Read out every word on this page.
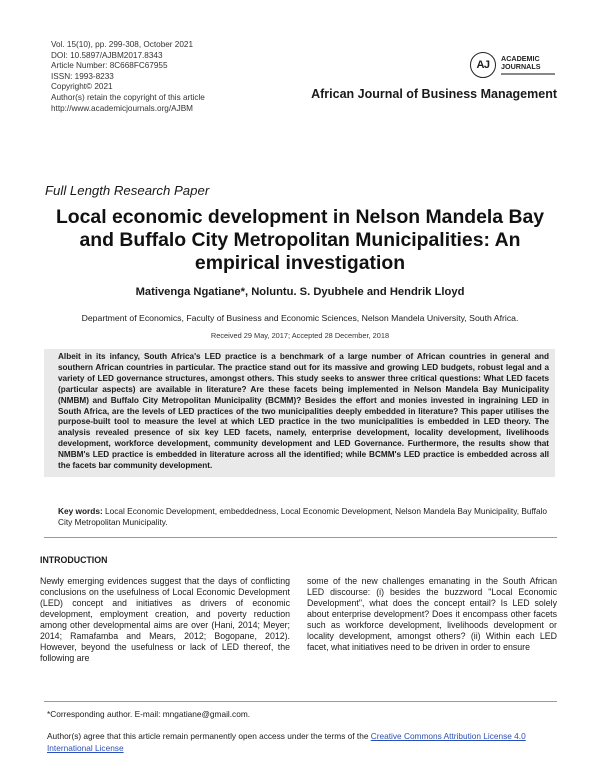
Vol. 15(10), pp. 299-308, October 2021
DOI: 10.5897/AJBM2017.8343
Article Number: 8C668FC67955
ISSN: 1993-8233
Copyright© 2021
Author(s) retain the copyright of this article
http://www.academicjournals.org/AJBM
AJ
ACADEMIC
JOURNALS
African Journal of Business Management
Full Length Research Paper
Local economic development in Nelson Mandela Bay and Buffalo City Metropolitan Municipalities: An empirical investigation
Mativenga Ngatiane*, Noluntu. S. Dyubhele and Hendrik Lloyd
Department of Economics, Faculty of Business and Economic Sciences, Nelson Mandela University, South Africa.
Received 29 May, 2017; Accepted 28 December, 2018
Albeit in its infancy, South Africa's LED practice is a benchmark of a large number of African countries in general and southern African countries in particular. The practice stand out for its massive and growing LED budgets, robust legal and a variety of LED governance structures, amongst others. This study seeks to answer three critical questions: What LED facets (particular aspects) are available in literature? Are these facets being implemented in Nelson Mandela Bay Municipality (NMBM) and Buffalo City Metropolitan Municipality (BCMM)? Besides the effort and monies invested in ingraining LED in South Africa, are the levels of LED practices of the two municipalities deeply embedded in literature? This paper utilises the purpose-built tool to measure the level at which LED practice in the two municipalities is embedded in LED theory. The analysis revealed presence of six key LED facets, namely, enterprise development, locality development, livelihoods development, workforce development, community development and LED Governance. Furthermore, the results show that NMBM's LED practice is embedded in literature across all the identified; while BCMM's LED practice is embedded across all the facets bar community development.
Key words: Local Economic Development, embeddedness, Local Economic Development, Nelson Mandela Bay Municipality, Buffalo City Metropolitan Municipality.
INTRODUCTION
Newly emerging evidences suggest that the days of conflicting conclusions on the usefulness of Local Economic Development (LED) concept and initiatives as drivers of economic development, employment creation, and poverty reduction among other developmental aims are over (Hani, 2014; Meyer; 2014; Ramafamba and Mears, 2012; Bogopane, 2012). However, beyond the usefulness or lack of LED thereof, the following are
some of the new challenges emanating in the South African LED discourse: (i) besides the buzzword "Local Economic Development", what does the concept entail? Is LED solely about enterprise development? Does it encompass other facets such as workforce development, livelihoods development or locality development, amongst others? (ii) Within each LED facet, what initiatives need to be driven in order to ensure
*Corresponding author. E-mail: mngatiane@gmail.com.
Author(s) agree that this article remain permanently open access under the terms of the Creative Commons Attribution License 4.0 International License
